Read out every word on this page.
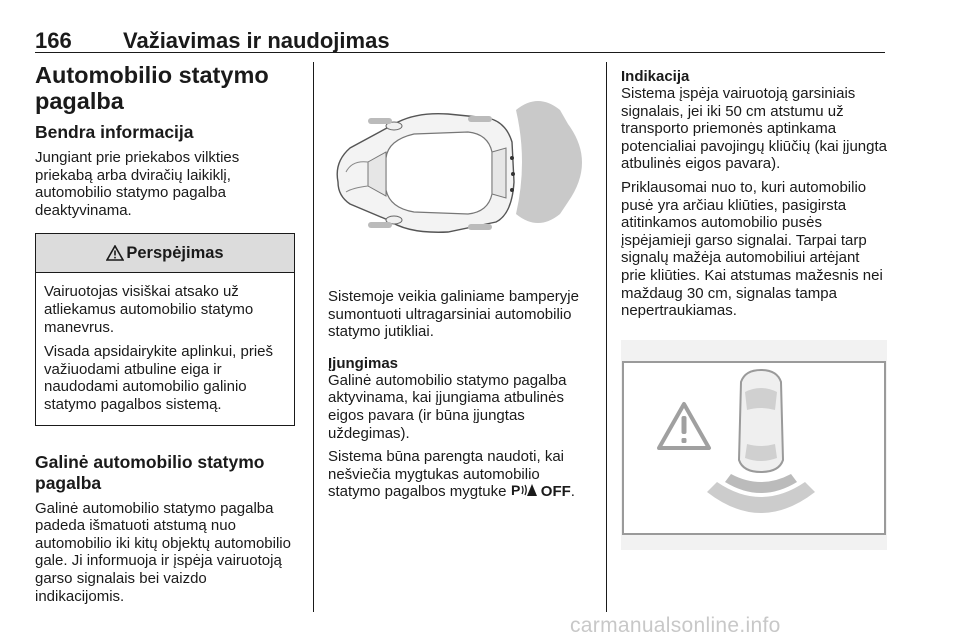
166 Važiavimas ir naudojimas
Automobilio statymo pagalba
Bendra informacija

Jungiant prie priekabos vilkties priekabą arba dviračių laikiklį, automobilio statymo pagalba deaktyvinama.

Perspėjimas

Vairuotojas visiškai atsako už atliekamus automobilio statymo manevrus.

Visada apsidairykite aplinkui, prieš važiuodami atbuline eiga ir naudodami automobilio galinio statymo pagalbos sistemą.

Galinė automobilio statymo pagalba

Galinė automobilio statymo pagalba padeda išmatuoti atstumą nuo automobilio iki kitų objektų automobilio gale. Ji informuoja ir įspėja vairuotoją garso signalais bei vaizdo indikacijomis.

Sistemoje veikia galiniame bamperyje sumontuoti ultragarsiniai automobilio statymo jutikliai.

Įjungimas

Galinė automobilio statymo pagalba aktyvinama, kai įjungiama atbulinės eigos pavara (ir būna įjungtas uždegimas).

Sistema būna parengta naudoti, kai nešviečia mygtukas automobilio statymo pagalbos mygtuke P OFF.

Indikacija

Sistema įspėja vairuotoją garsiniais signalais, jei iki 50 cm atstumu už transporto priemonės aptinkama potencialiai pavojingų kliūčių (kai įjungta atbulinės eigos pavara).

Priklausomai nuo to, kuri automobilio pusė yra arčiau kliūties, pasigirsta atitinkamos automobilio pusės įspėjamieji garso signalai. Tarpai tarp signalų mažėja automobiliui artėjant prie kliūties. Kai atstumas mažesnis nei maždaug 30 cm, signalas tampa nepertraukiamas.

carmanualsonline.info
